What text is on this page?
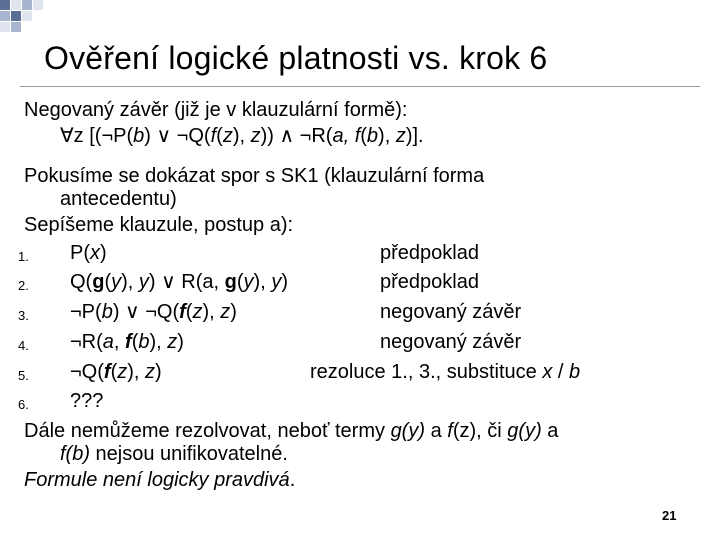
Ověření logické platnosti vs. krok 6
Negovaný závěr (již je v klauzulární formě):
∀z [(¬P(b) ∨ ¬Q(f(z), z)) ∧ ¬R(a, f(b), z)].
Pokusíme se dokázat spor s SK1 (klauzulární forma
antecedentu)
Sepíšeme klauzule, postup a):
1. P(x)	předpoklad
2. Q(g(y), y) ∨ R(a, g(y), y)	předpoklad
3. ¬P(b) ∨ ¬Q(f(z), z)	negovaný závěr
4. ¬R(a, f(b), z)	negovaný závěr
5. ¬Q(f(z), z)	rezoluce 1., 3., substituce x / b
6. ???
Dále nemůžeme rezolvovat, neboť termy g(y) a f(z), či g(y) a
f(b) nejsou unifikovatelné.
Formule není logicky pravdivá.
21
